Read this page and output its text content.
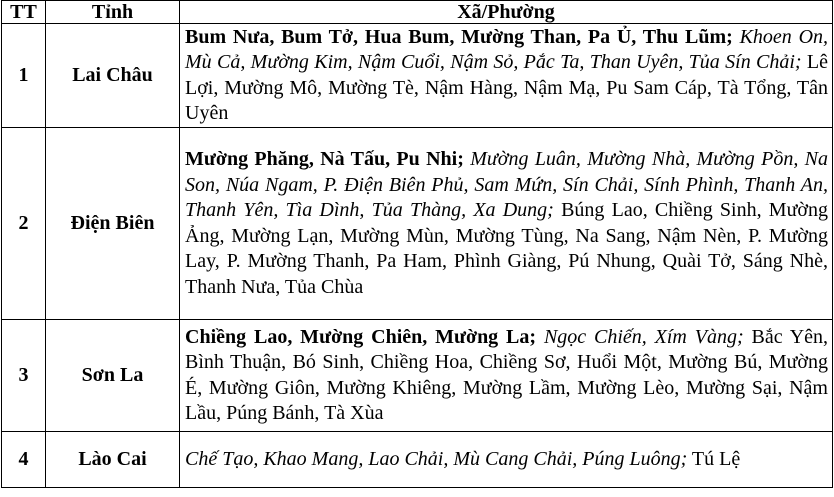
TT	Tỉnh	Xã/Phường
1	Lai Châu	Bum Nưa, Bum Tở, Hua Bum, Mường Than, Pa Ủ, Thu Lũm; Khoen On, Mù Cả, Mường Kim, Nậm Cuổi, Nậm Sỏ, Pắc Ta, Than Uyên, Tủa Sín Chải; Lê Lợi, Mường Mô, Mường Tè, Nậm Hàng, Nậm Mạ, Pu Sam Cáp, Tà Tổng, Tân Uyên
2	Điện Biên	Mường Phăng, Nà Tấu, Pu Nhi; Mường Luân, Mường Nhà, Mường Pồn, Na Son, Núa Ngam, P. Điện Biên Phủ, Sam Mứn, Sín Chải, Sính Phình, Thanh An, Thanh Yên, Tìa Dình, Tủa Thàng, Xa Dung; Búng Lao, Chiềng Sinh, Mường Ảng, Mường Lạn, Mường Mùn, Mường Tùng, Na Sang, Nậm Nèn, P. Mường Lay, P. Mường Thanh, Pa Ham, Phình Giàng, Pú Nhung, Quài Tở, Sáng Nhè, Thanh Nưa, Tủa Chùa
3	Sơn La	Chiềng Lao, Mường Chiên, Mường La; Ngọc Chiến, Xím Vàng; Bắc Yên, Bình Thuận, Bó Sinh, Chiềng Hoa, Chiềng Sơ, Huổi Một, Mường Bú, Mường É, Mường Giôn, Mường Khiêng, Mường Lầm, Mường Lèo, Mường Sại, Nậm Lầu, Púng Bánh, Tà Xùa
4	Lào Cai	Chế Tạo, Khao Mang, Lao Chải, Mù Cang Chải, Púng Luông; Tú Lệ
